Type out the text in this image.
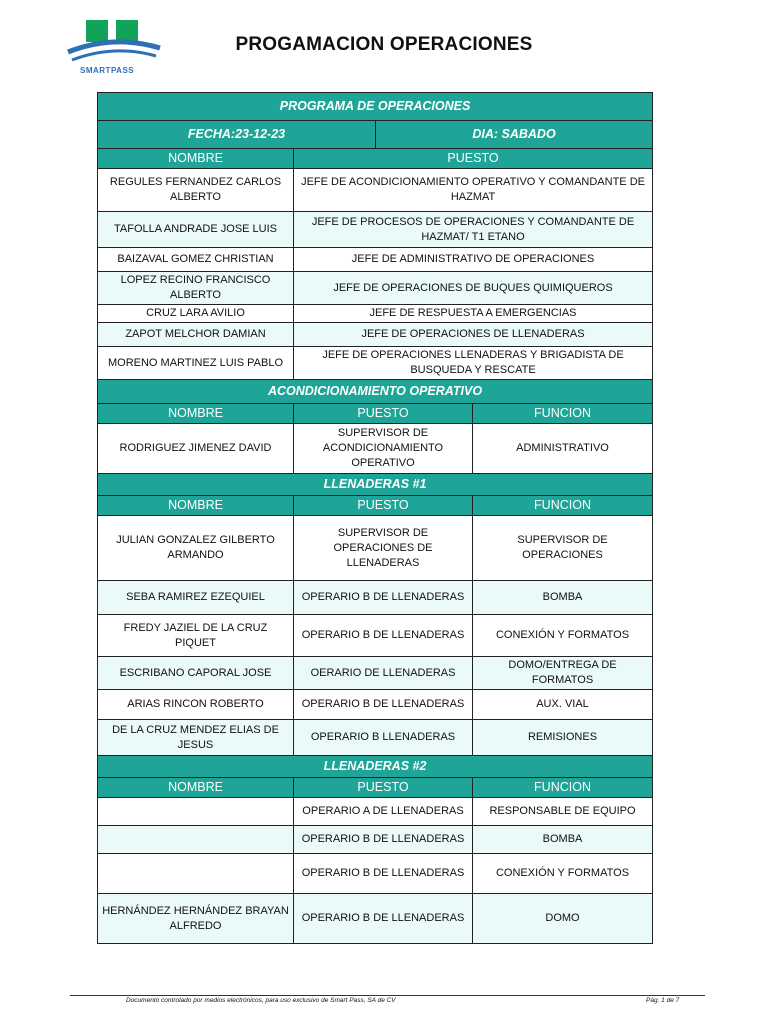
SMARTPASS
PROGAMACION OPERACIONES
PROGRAMA DE OPERACIONES			
FECHA:23-12-23		DIA: SABADO	
NOMBRE	PUESTO		
REGULES FERNANDEZ CARLOS ALBERTO	JEFE DE ACONDICIONAMIENTO OPERATIVO Y COMANDANTE DE HAZMAT		
TAFOLLA ANDRADE JOSE LUIS	JEFE DE PROCESOS DE OPERACIONES Y COMANDANTE DE HAZMAT/ T1 ETANO		
BAIZAVAL GOMEZ CHRISTIAN	JEFE DE ADMINISTRATIVO DE OPERACIONES		
LOPEZ RECINO FRANCISCO ALBERTO	JEFE DE OPERACIONES DE BUQUES QUIMIQUEROS		
CRUZ LARA AVILIO	JEFE DE RESPUESTA A EMERGENCIAS		
ZAPOT MELCHOR DAMIAN	JEFE DE OPERACIONES DE LLENADERAS		
MORENO MARTINEZ LUIS PABLO	JEFE DE OPERACIONES LLENADERAS Y BRIGADISTA DE BUSQUEDA Y RESCATE		
ACONDICIONAMIENTO OPERATIVO			
NOMBRE	PUESTO		FUNCION
RODRIGUEZ JIMENEZ DAVID	SUPERVISOR DE ACONDICIONAMIENTO OPERATIVO		ADMINISTRATIVO
LLENADERAS #1			
NOMBRE	PUESTO		FUNCION
JULIAN GONZALEZ GILBERTO ARMANDO	SUPERVISOR DE OPERACIONES DE LLENADERAS		SUPERVISOR DE OPERACIONES
SEBA RAMIREZ EZEQUIEL	OPERARIO B DE LLENADERAS		BOMBA
FREDY JAZIEL DE LA CRUZ PIQUET	OPERARIO B DE LLENADERAS		CONEXIÓN Y FORMATOS
ESCRIBANO CAPORAL JOSE	OERARIO DE LLENADERAS		DOMO/ENTREGA DE FORMATOS
ARIAS RINCON ROBERTO	OPERARIO B DE LLENADERAS		AUX. VIAL
DE LA CRUZ MENDEZ ELIAS DE JESUS	OPERARIO B LLENADERAS		REMISIONES
LLENADERAS #2			
NOMBRE	PUESTO		FUNCION
	OPERARIO A DE LLENADERAS		RESPONSABLE DE EQUIPO
	OPERARIO B DE LLENADERAS		BOMBA
	OPERARIO B DE LLENADERAS		CONEXIÓN Y FORMATOS
HERNÁNDEZ HERNÁNDEZ BRAYAN ALFREDO	OPERARIO B DE LLENADERAS		DOMO
Documento controlado por medios electrónicos, para uso exclusivo de Smart Pass, SA de CV	Pág. 1 de 7
